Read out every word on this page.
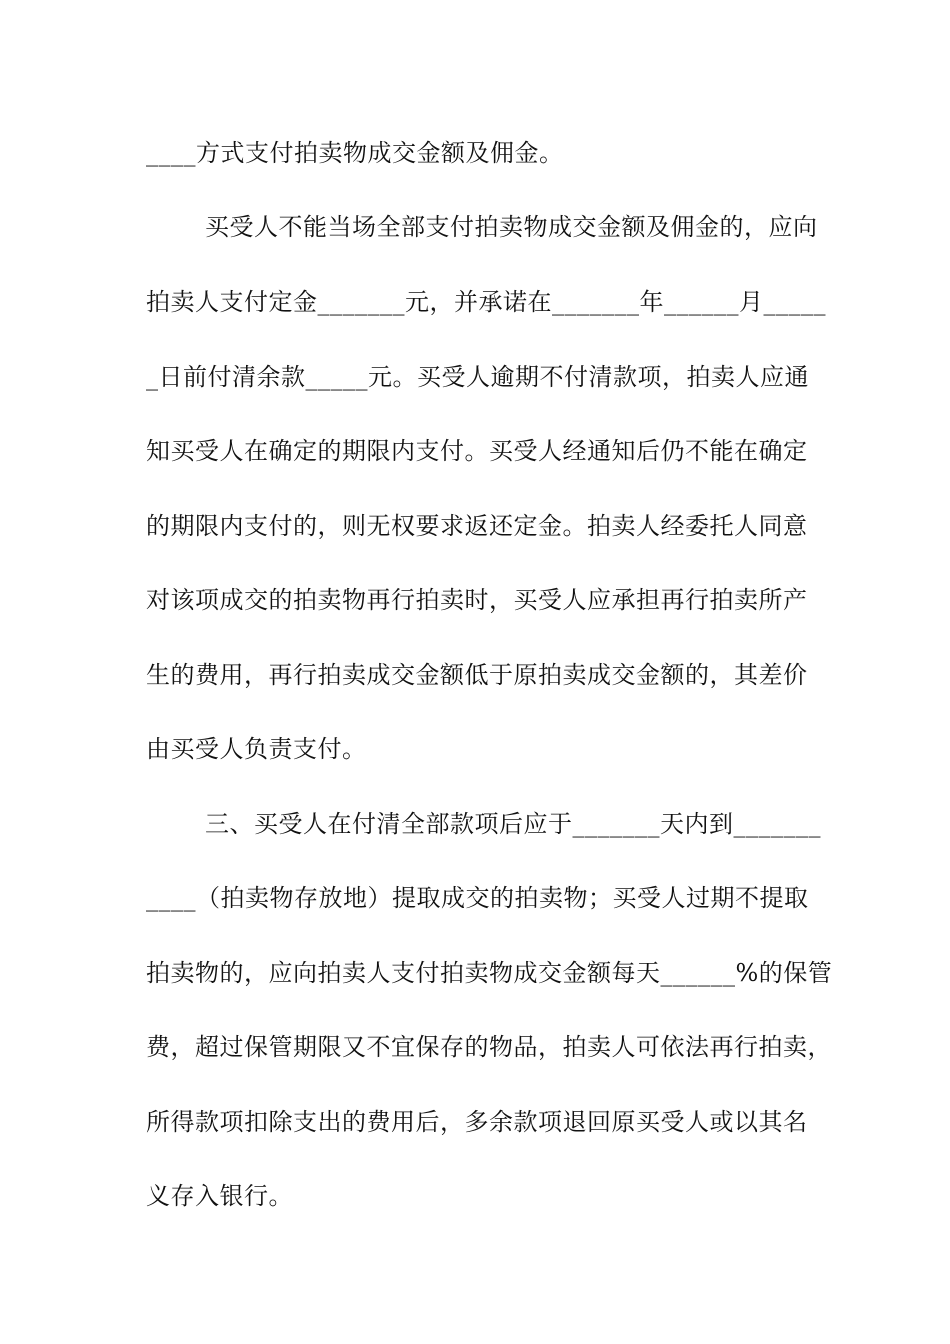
____方式支付拍卖物成交金额及佣金。
买受人不能当场全部支付拍卖物成交金额及佣金的，应向
拍卖人支付定金_______元，并承诺在_______年______月_____
_日前付清余款_____元。买受人逾期不付清款项，拍卖人应通
知买受人在确定的期限内支付。买受人经通知后仍不能在确定
的期限内支付的，则无权要求返还定金。拍卖人经委托人同意
对该项成交的拍卖物再行拍卖时，买受人应承担再行拍卖所产
生的费用，再行拍卖成交金额低于原拍卖成交金额的，其差价
由买受人负责支付。
三、买受人在付清全部款项后应于_______天内到_______
____（拍卖物存放地）提取成交的拍卖物；买受人过期不提取
拍卖物的，应向拍卖人支付拍卖物成交金额每天______%的保管
费，超过保管期限又不宜保存的物品，拍卖人可依法再行拍卖，
所得款项扣除支出的费用后，多余款项退回原买受人或以其名
义存入银行。
